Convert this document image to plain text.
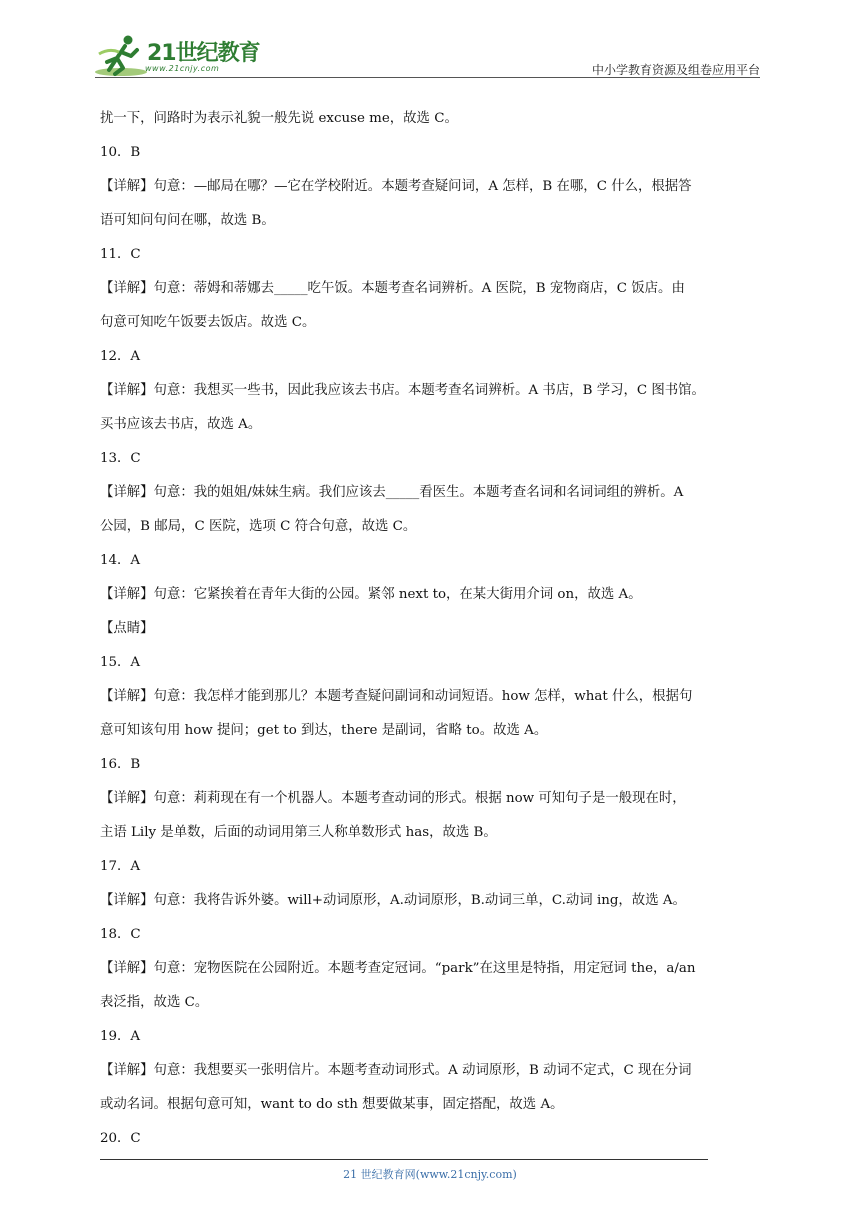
21世纪教育
www.21cnjy.com	中小学教育资源及组卷应用平台
扰一下，问路时为表示礼貌一般先说 excuse me，故选 C。
10．B
【详解】句意：—邮局在哪？—它在学校附近。本题考查疑问词，A 怎样，B 在哪，C 什么，根据答
语可知问句问在哪，故选 B。
11．C
【详解】句意：蒂姆和蒂娜去_____吃午饭。本题考查名词辨析。A 医院，B 宠物商店，C 饭店。由
句意可知吃午饭要去饭店。故选 C。
12．A
【详解】句意：我想买一些书，因此我应该去书店。本题考查名词辨析。A 书店，B 学习，C 图书馆。
买书应该去书店，故选 A。
13．C
【详解】句意：我的姐姐/妹妹生病。我们应该去_____看医生。本题考查名词和名词词组的辨析。A
公园，B 邮局，C 医院，选项 C 符合句意，故选 C。
14．A
【详解】句意：它紧挨着在青年大街的公园。紧邻 next to，在某大街用介词 on，故选 A。
【点睛】
15．A
【详解】句意：我怎样才能到那儿？本题考查疑问副词和动词短语。how 怎样，what 什么，根据句
意可知该句用 how 提问；get to 到达，there 是副词，省略 to。故选 A。
16．B
【详解】句意：莉莉现在有一个机器人。本题考查动词的形式。根据 now 可知句子是一般现在时，
主语 Lily 是单数，后面的动词用第三人称单数形式 has，故选 B。
17．A
【详解】句意：我将告诉外婆。will+动词原形，A.动词原形，B.动词三单，C.动词 ing，故选 A。
18．C
【详解】句意：宠物医院在公园附近。本题考查定冠词。“park”在这里是特指，用定冠词 the，a/an
表泛指，故选 C。
19．A
【详解】句意：我想要买一张明信片。本题考查动词形式。A 动词原形，B 动词不定式，C 现在分词
或动名词。根据句意可知，want to do sth 想要做某事，固定搭配，故选 A。
20．C
21 世纪教育网(www.21cnjy.com)
